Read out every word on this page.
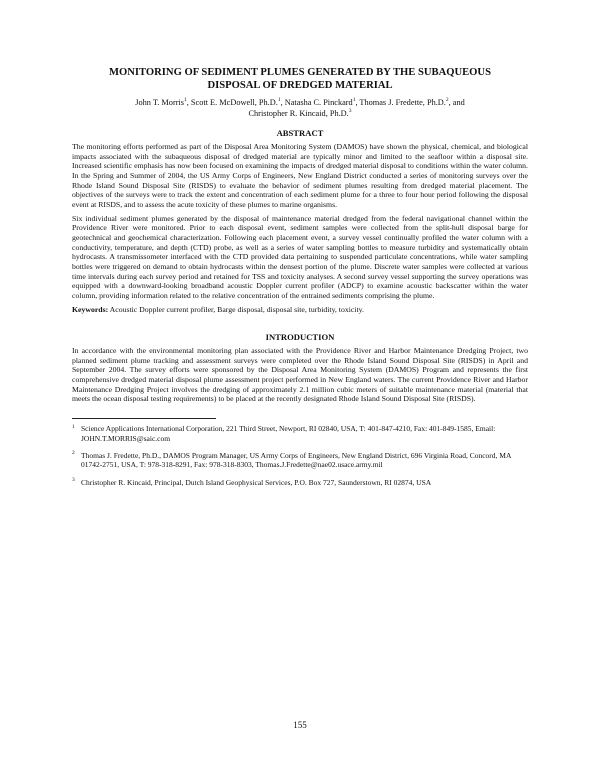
MONITORING OF SEDIMENT PLUMES GENERATED BY THE SUBAQUEOUS
DISPOSAL OF DREDGED MATERIAL
John T. Morris$^1$, Scott E. McDowell, Ph.D.$^1$, Natasha C. Pinckard$^1$, Thomas J. Fredette, Ph.D.$^2$, and
Christopher R. Kincaid, Ph.D.$^3$
ABSTRACT

The monitoring efforts performed as part of the Disposal Area Monitoring System (DAMOS) have shown the physical, chemical, and biological impacts associated with the subaqueous disposal of dredged material are typically minor and limited to the seafloor within a disposal site. Increased scientific emphasis has now been focused on examining the impacts of dredged material disposal to conditions within the water column. In the Spring and Summer of 2004, the US Army Corps of Engineers, New England District conducted a series of monitoring surveys over the Rhode Island Sound Disposal Site (RISDS) to evaluate the behavior of sediment plumes resulting from dredged material placement. The objectives of the surveys were to track the extent and concentration of each sediment plume for a three to four hour period following the disposal event at RISDS, and to assess the acute toxicity of these plumes to marine organisms.

Six individual sediment plumes generated by the disposal of maintenance material dredged from the federal navigational channel within the Providence River were monitored. Prior to each disposal event, sediment samples were collected from the split-hull disposal barge for geotechnical and geochemical characterization. Following each placement event, a survey vessel continually profiled the water column with a conductivity, temperature, and depth (CTD) probe, as well as a series of water sampling bottles to measure turbidity and systematically obtain hydrocasts. A transmissometer interfaced with the CTD provided data pertaining to suspended particulate concentrations, while water sampling bottles were triggered on demand to obtain hydrocasts within the densest portion of the plume. Discrete water samples were collected at various time intervals during each survey period and retained for TSS and toxicity analyses. A second survey vessel supporting the survey operations was equipped with a downward-looking broadband acoustic Doppler current profiler (ADCP) to examine acoustic backscatter within the water column, providing information related to the relative concentration of the entrained sediments comprising the plume.

Keywords: Acoustic Doppler current profiler, Barge disposal, disposal site, turbidity, toxicity.

INTRODUCTION

In accordance with the environmental monitoring plan associated with the Providence River and Harbor Maintenance Dredging Project, two planned sediment plume tracking and assessment surveys were completed over the Rhode Island Sound Disposal Site (RISDS) in April and September 2004. The survey efforts were sponsored by the Disposal Area Monitoring System (DAMOS) Program and represents the first comprehensive dredged material disposal plume assessment project performed in New England waters. The current Providence River and Harbor Maintenance Dredging Project involves the dredging of approximately 2.1 million cubic meters of suitable maintenance material (material that meets the ocean disposal testing requirements) to be placed at the recently designated Rhode Island Sound Disposal Site (RISDS).

$^1$ Science Applications International Corporation, 221 Third Street, Newport, RI 02840, USA, T: 401-847-4210, Fax: 401-849-1585, Email: JOHN.T.MORRIS@saic.com

$^2$ Thomas J. Fredette, Ph.D., DAMOS Program Manager, US Army Corps of Engineers, New England District, 696 Virginia Road, Concord, MA 01742-2751, USA, T: 978-318-8291, Fax: 978-318-8303, Thomas.J.Fredette@nae02.usace.army.mil

$^3$ Christopher R. Kincaid, Principal, Dutch Island Geophysical Services, P.O. Box 727, Saunderstown, RI 02874, USA

155
